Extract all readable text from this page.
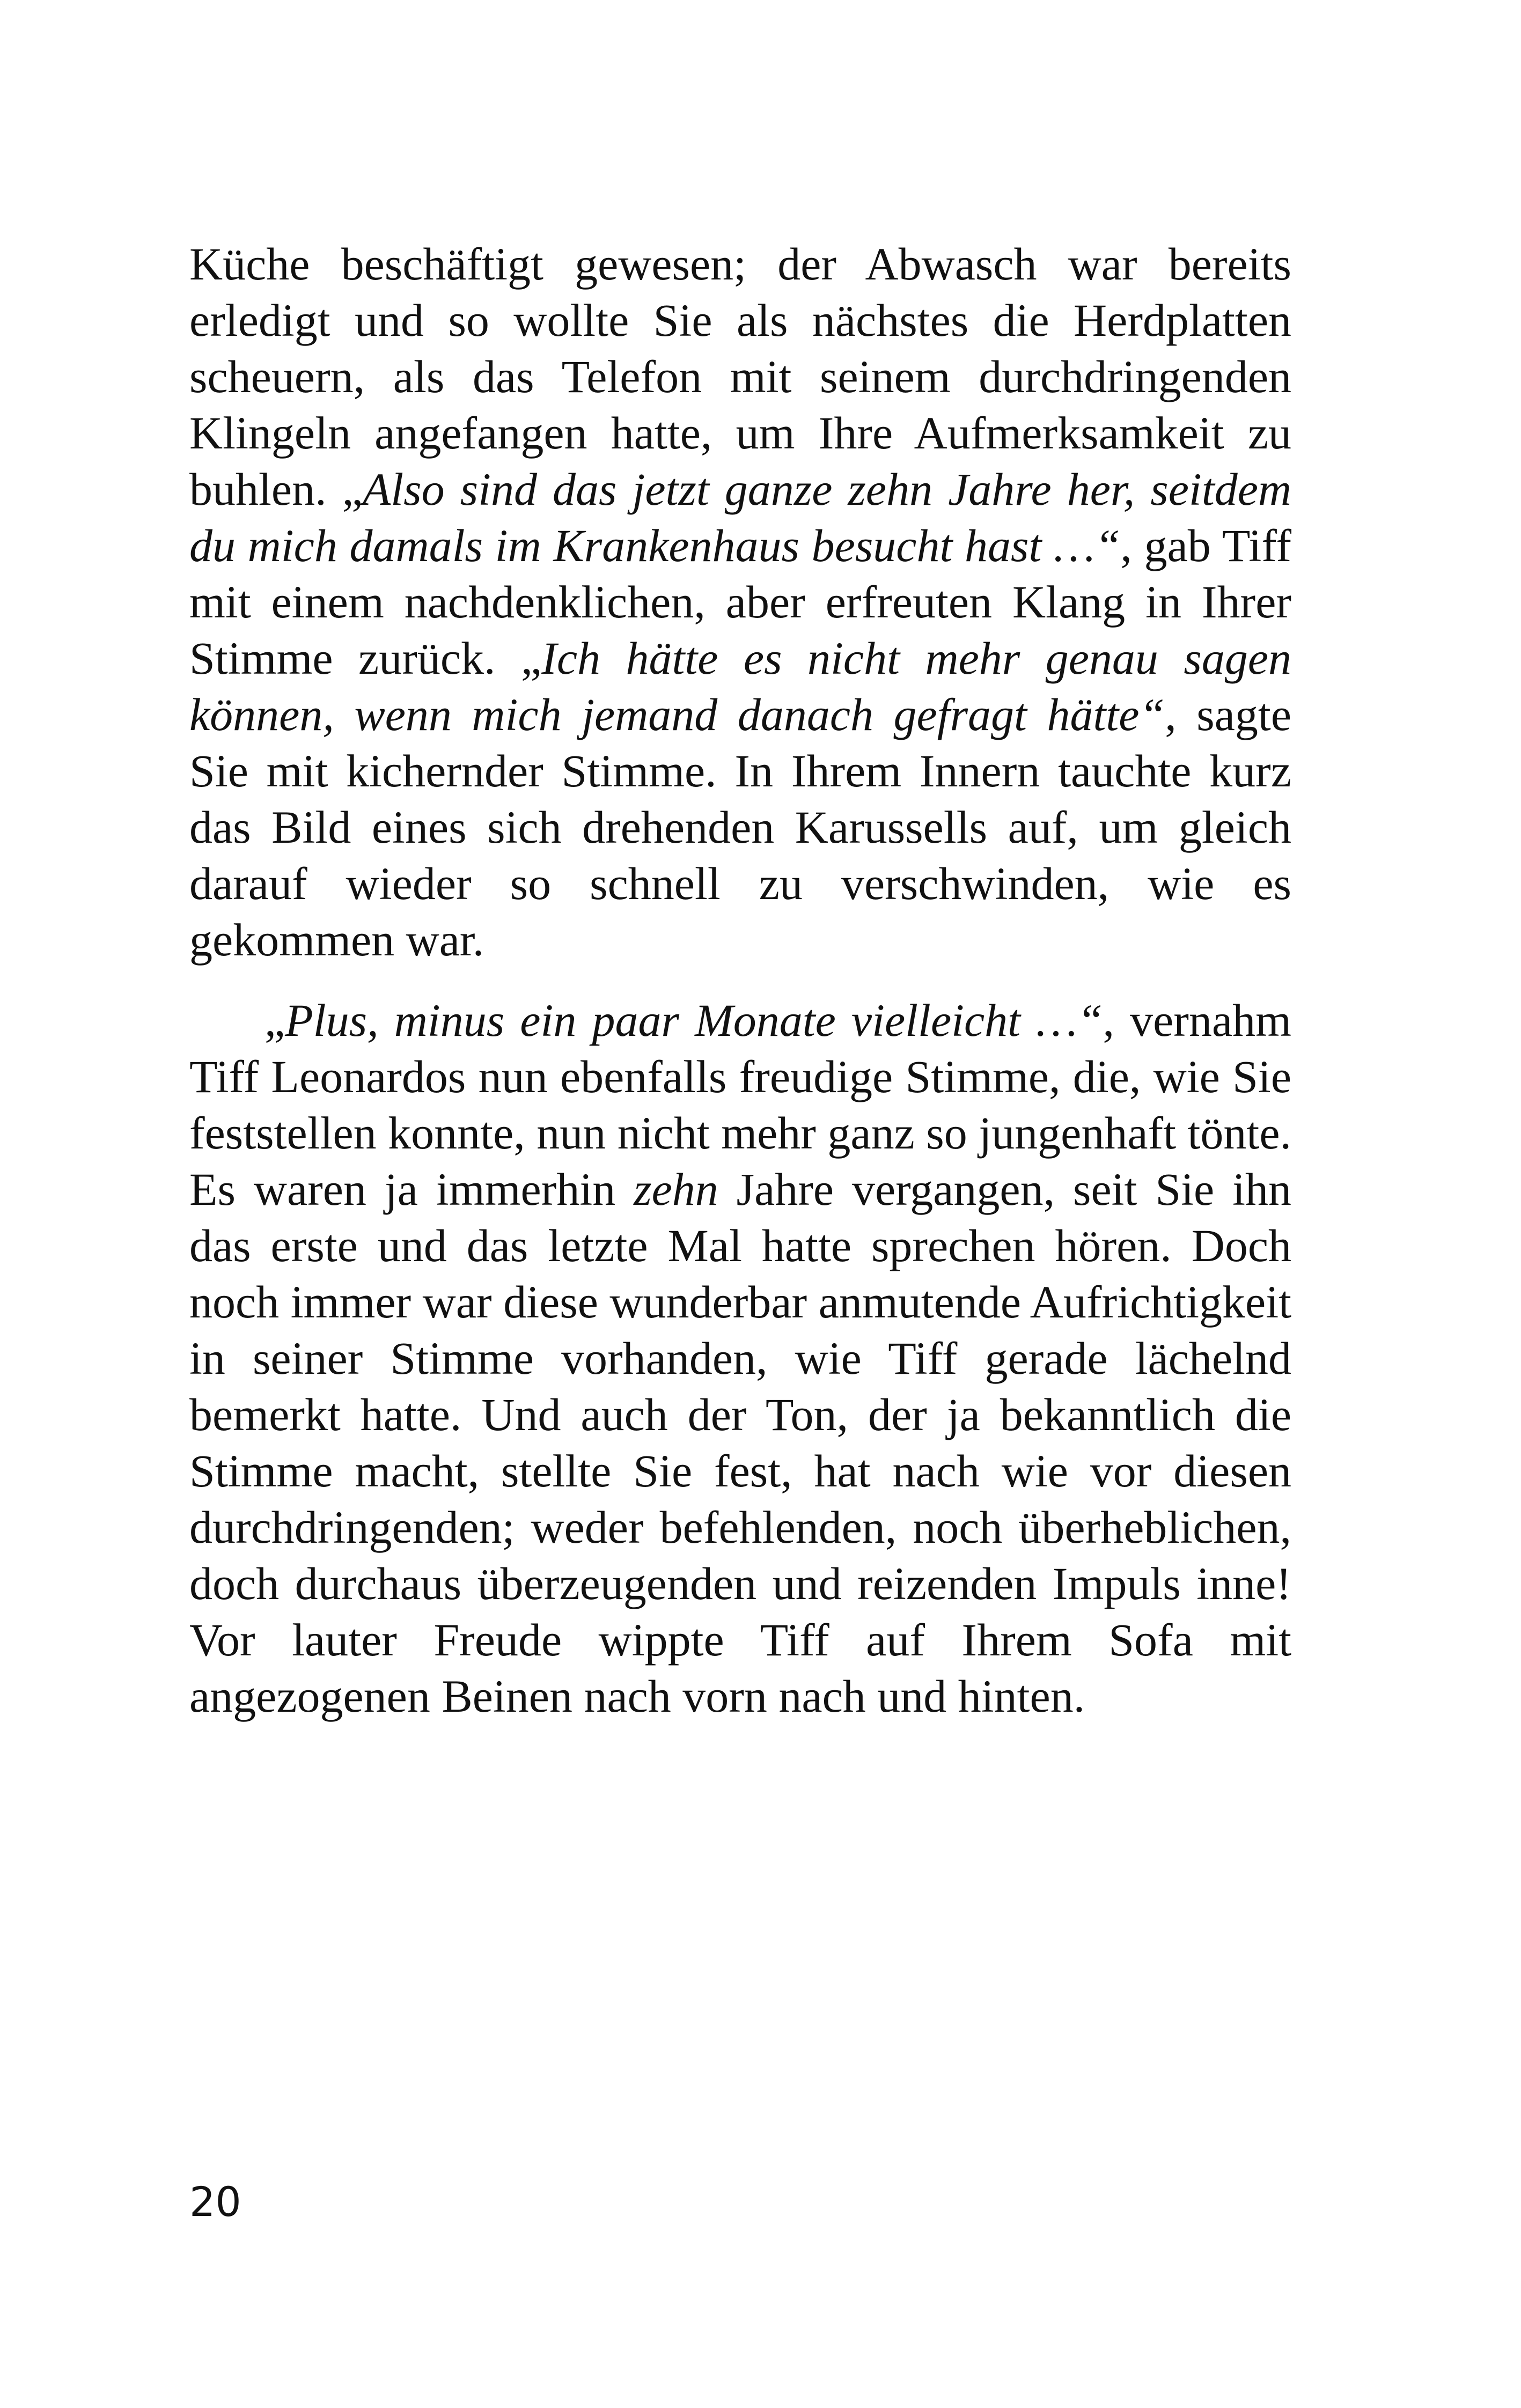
Küche beschäftigt gewesen; der Abwasch war bereits erledigt und so wollte Sie als nächstes die Herdplatten scheuern, als das Telefon mit seinem durchdringenden Klingeln angefangen hatte, um Ihre Aufmerksamkeit zu buhlen. „Also sind das jetzt ganze zehn Jahre her, seitdem du mich damals im Krankenhaus besucht hast …“, gab Tiff mit einem nachdenklichen, aber erfreuten Klang in Ihrer Stimme zurück. „Ich hätte es nicht mehr genau sagen können, wenn mich jemand danach gefragt hätte“, sagte Sie mit kichernder Stimme. In Ihrem Innern tauchte kurz das Bild eines sich drehenden Karussells auf, um gleich darauf wieder so schnell zu verschwinden, wie es gekommen war.

„Plus, minus ein paar Monate vielleicht …“, vernahm Tiff Leonardos nun ebenfalls freudige Stimme, die, wie Sie feststellen konnte, nun nicht mehr ganz so jungenhaft tönte. Es waren ja immerhin zehn Jahre vergangen, seit Sie ihn das erste und das letzte Mal hatte sprechen hören. Doch noch immer war diese wunderbar anmutende Aufrichtigkeit in seiner Stimme vorhanden, wie Tiff gerade lächelnd bemerkt hatte. Und auch der Ton, der ja bekanntlich die Stimme macht, stellte Sie fest, hat nach wie vor diesen durchdringenden; weder befehlenden, noch überheblichen, doch durchaus überzeugenden und reizenden Impuls inne! Vor lauter Freude wippte Tiff auf Ihrem Sofa mit angezogenen Beinen nach vorn nach und hinten.

20
